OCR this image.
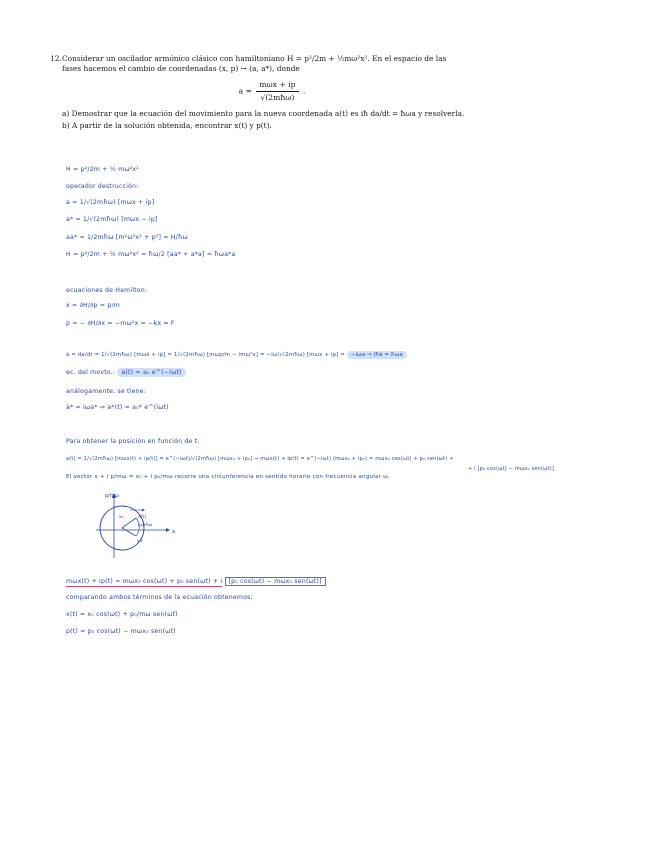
12. Considerar un oscilador armónico clásico con hamiltoniano H = p²/2m + ½mω²x². En el espacio de las

fases hacemos el cambio de coordenadas (x, p) → (a, a*), donde

$a = \frac{\text{mωx + ip}}{\text{√(2mħω)}}$ .

a) Demostrar que la ecuación del movimiento para la nueva coordenada a(t) es iħ da/dt = ħωa y resolverla.

b) A partir de la solución obtenida, encontrar x(t) y p(t).

H = p²/2m + ½ mω²x²
operador destrucción:
a = 1/√(2mħω) [mωx + ip]
a* = 1/√(2mħω) [mωx − ip]
aa* = 1/2mħω [m²ω²x² + p²] = H/ħω
H = p²/2m + ½ mω²x² = ħω/2 [aa* + a*a] = ħωa*a
ecuaciones de Hamilton:
ẋ = ∂H/∂p = p/m
ṗ = − ∂H/∂x = −mω²x = −kx = F
ȧ = da/dt = 1/√(2mħω) [mωẋ + iṗ] = 1/√(2mħω) [mωp/m − imω²x] = −iω/√(2mħω) [mωx + ip] = −iωa ⇒ iħȧ = ħωa
ec. del movto.: a(t) = a₀ e^(−iωt)
análogamente, se tiene:
ȧ* = iωa* ⇒ a*(t) = a₀* e^(iωt)
Para obtener la posición en función de t:
a(t) = 1/√(2mħω) [mωx(t) + ip(t)] = e^(−iωt)/√(2mħω) [mωx₀ + ip₀] ⇒ mωx(t) + ip(t) = e^(−iωt) (mωx₀ + ip₀) = mωx₀ cos(ωt) + p₀ sen(ωt) +
+ i [p₀ cos(ωt) − mωx₀ sen(ωt)]
El vector x + i p/mω = x₀ + i p₀/mω recorre una circunferencia en sentido horario con frecuencia angular ω.
p/mω
x
x₀	a(t)
p₀/mω
ωt
mωx(t) + ip(t) = mωx₀ cos(ωt) + p₀ sen(ωt) + i [p₀ cos(ωt) − mωx₀ sen(ωt)]
comparando ambos términos de la ecuación obtenemos:
x(t) = x₀ cos(ωt) + p₀/mω sen(ωt)
p(t) = p₀ cos(ωt) − mωx₀ sen(ωt)
